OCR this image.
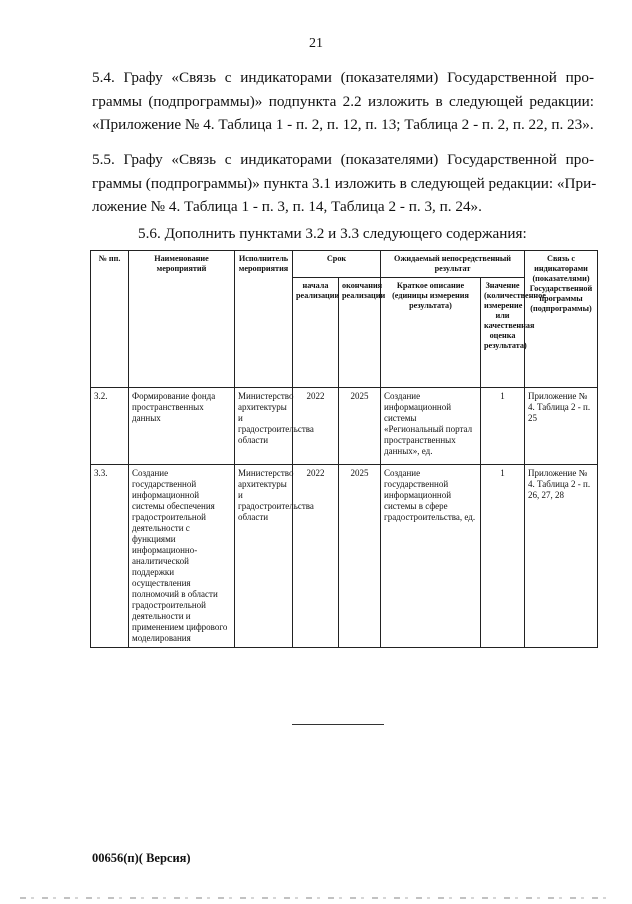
21
5.4. Графу «Связь с индикаторами (показателями) Государственной про-
граммы (подпрограммы)» подпункта 2.2 изложить в следующей редакции:
«Приложение № 4. Таблица 1 - п. 2, п. 12, п. 13; Таблица 2 - п. 2, п. 22, п. 23».
5.5. Графу «Связь с индикаторами (показателями) Государственной про-
граммы (подпрограммы)» пункта 3.1 изложить в следующей редакции: «При-
ложение № 4. Таблица 1 - п. 3, п. 14, Таблица 2 - п. 3, п. 24».
5.6. Дополнить пунктами 3.2 и 3.3 следующего содержания:
№ пп.	Наименование мероприятий	Исполнитель мероприятия	Срок		Ожидаемый непосредственный результат		Связь с индикаторами (показателями) Государственной программы (подпрограммы)
			начала реализации	окончания реализации	Краткое описание (единицы измерения результата)	Значение (количественное измерение или качественная оценка результата)	
3.2.	Формирование фонда пространственных данных	Министерство архитектуры и градостроительства области	2022	2025	Создание информационной системы «Региональный портал пространственных данных», ед.	1	Приложение № 4. Таблица 2 - п. 25
3.3.	Создание государственной информационной системы обеспечения градостроительной деятельности с функциями информационно-аналитической поддержки осуществления полномочий в области градостроительной деятельности и применением цифрового моделирования	Министерство архитектуры и градостроительства области	2022	2025	Создание государственной информационной системы в сфере градостроительства, ед.	1	Приложение № 4. Таблица 2 - п. 26, 27, 28
00656(п)( Версия)
